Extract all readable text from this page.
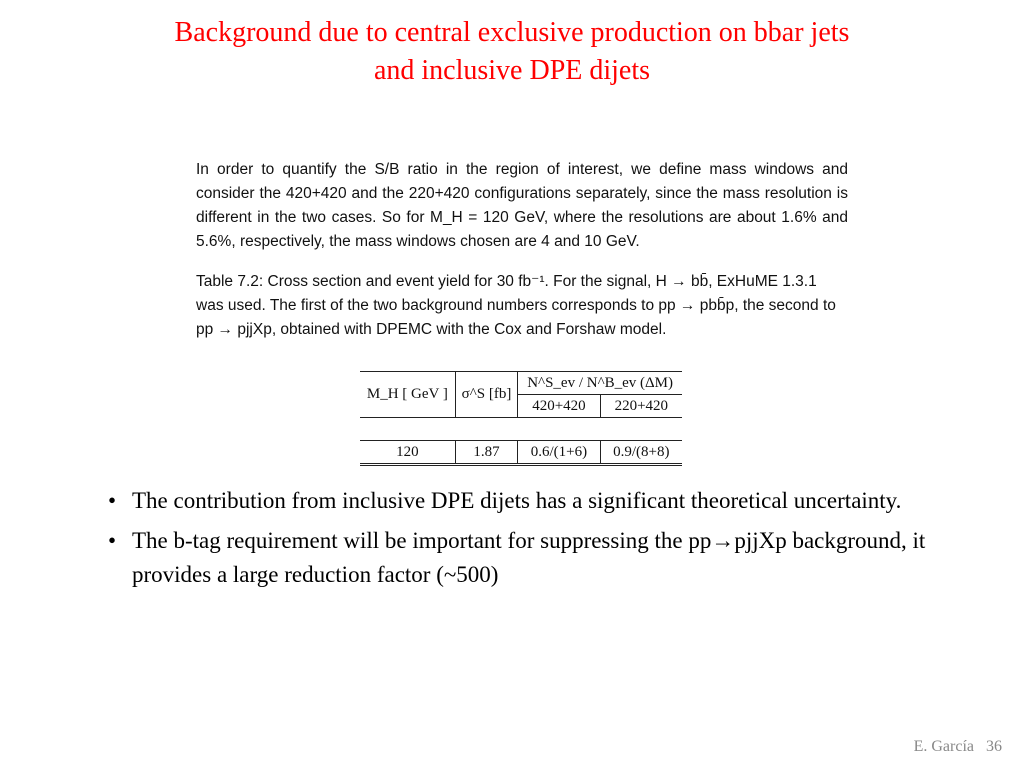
Background due to central exclusive production on bbar jets
and inclusive DPE dijets

In order to quantify the S/B ratio in the region of interest, we define mass windows and consider the 420+420 and the 220+420 configurations separately, since the mass resolution is different in the two cases. So for M_H = 120 GeV, where the resolutions are about 1.6% and 5.6%, respectively, the mass windows chosen are 4 and 10 GeV.

Table 7.2: Cross section and event yield for 30 fb⁻¹. For the signal, H → bb̄, ExHuME 1.3.1 was used. The first of the two background numbers corresponds to pp → pbb̄p, the second to pp → pjjXp, obtained with DPEMC with the Cox and Forshaw model.

M_H [ GeV ]	σ^S [fb]	N^S_ev / N^B_ev (ΔM)	
		420+420	220+420

120	1.87	0.6/(1+6)	0.9/(8+8)
• The contribution from inclusive DPE dijets has a significant theoretical uncertainty.
• The b-tag requirement will be important for suppressing the pp→pjjXp background, it provides a large reduction factor (~500)
E. García 36
